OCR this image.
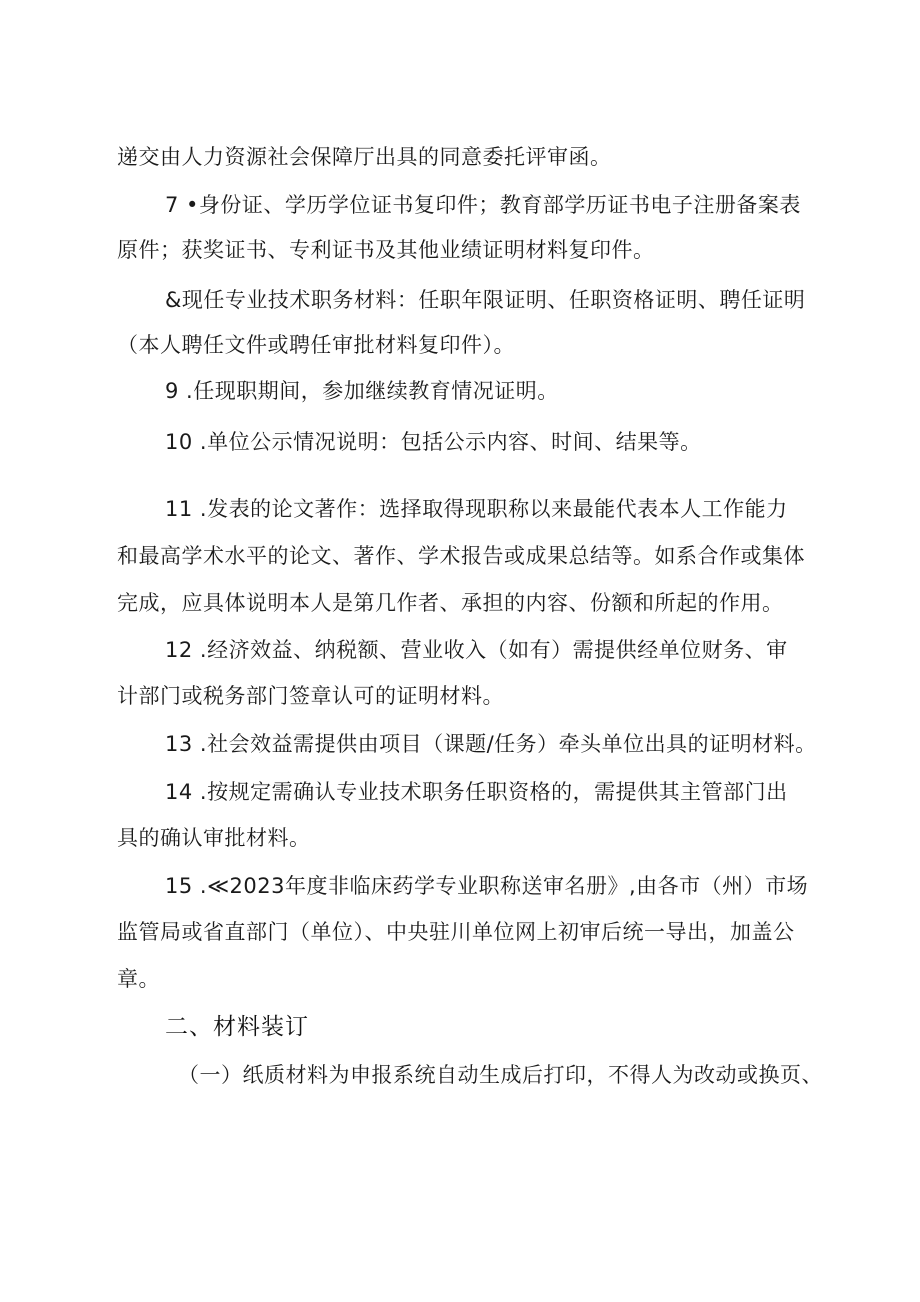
递交由人力资源社会保障厅出具的同意委托评审函。
7 •身份证、学历学位证书复印件；教育部学历证书电子注册备案表
原件；获奖证书、专利证书及其他业绩证明材料复印件。
&现任专业技术职务材料：任职年限证明、任职资格证明、聘任证明
（本人聘任文件或聘任审批材料复印件）。
9 .任现职期间，参加继续教育情况证明。
10 .单位公示情况说明：包括公示内容、时间、结果等。
11 .发表的论文著作：选择取得现职称以来最能代表本人工作能力
和最高学术水平的论文、著作、学术报告或成果总结等。如系合作或集体
完成，应具体说明本人是第几作者、承担的内容、份额和所起的作用。
12 .经济效益、纳税额、营业收入（如有）需提供经单位财务、审
计部门或税务部门签章认可的证明材料。
13 .社会效益需提供由项目（课题/任务）牵头单位出具的证明材料。
14 .按规定需确认专业技术职务任职资格的，需提供其主管部门出
具的确认审批材料。
15 .≪2023年度非临床药学专业职称送审名册》,由各市（州）市场
监管局或省直部门（单位）、中央驻川单位网上初审后统一导出，加盖公
章。
二、材料装订
（一）纸质材料为申报系统自动生成后打印，不得人为改动或换页、
